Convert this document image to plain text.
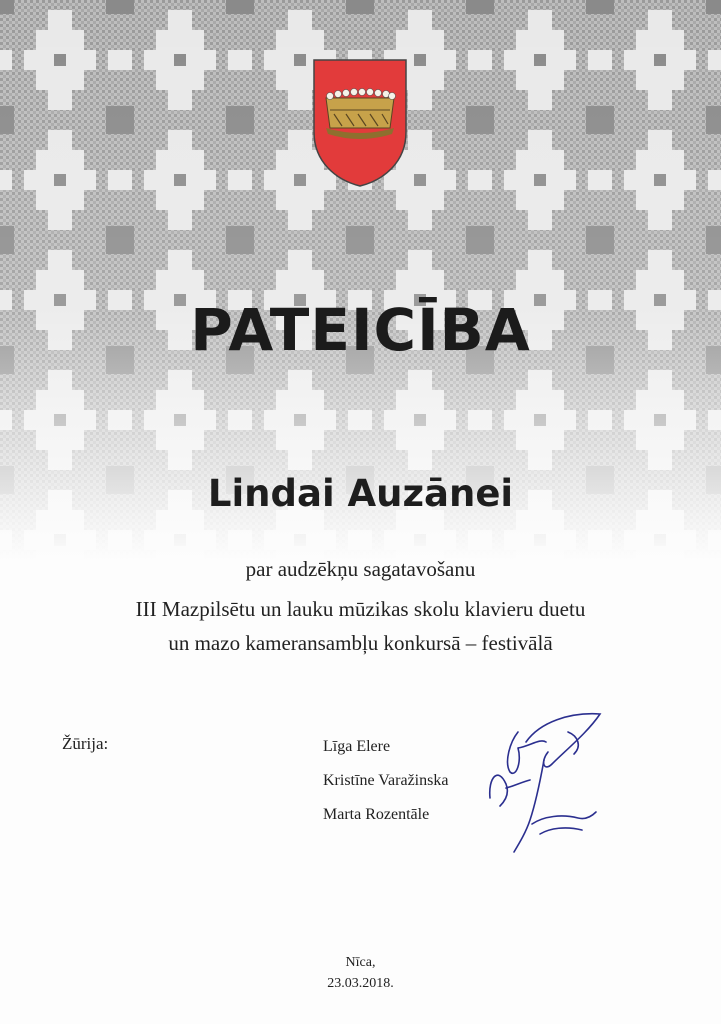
PATEICĪBA
Lindai Auzānei
par audzēkņu sagatavošanu
III Mazpilsētu un lauku mūzikas skolu klavieru duetu
un mazo kameransambļu konkursā – festivālā
Žūrija:	Līga Elere
Kristīne Varažinska
Marta Rozentāle
Nīca,
23.03.2018.
